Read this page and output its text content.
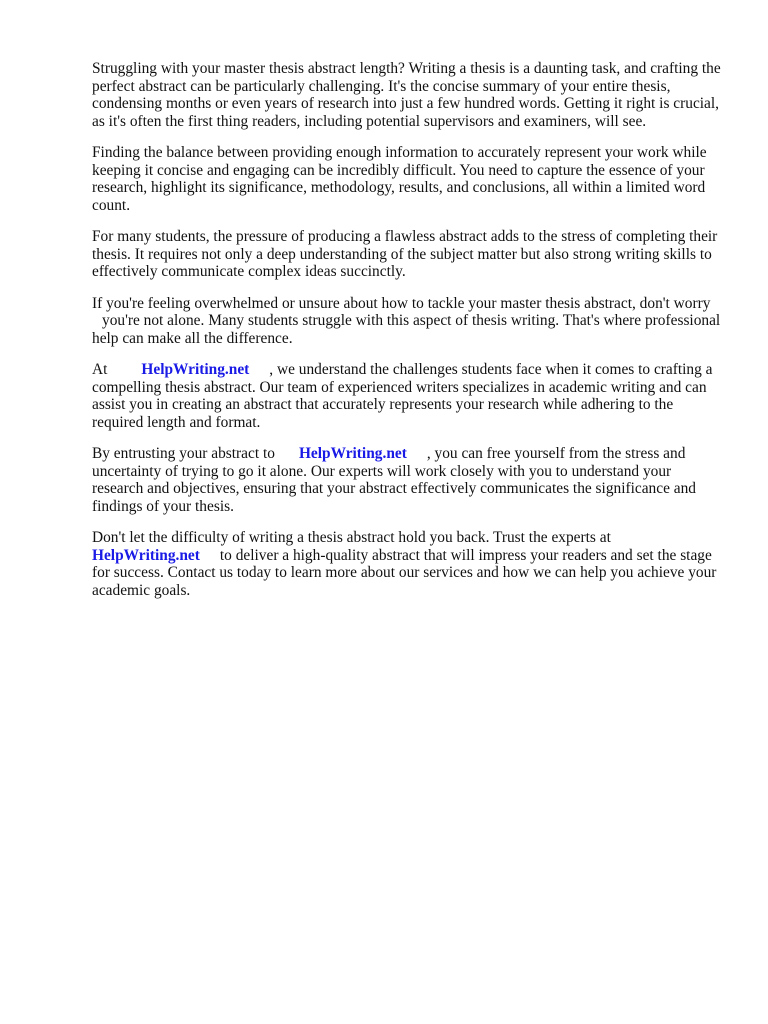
Struggling with your master thesis abstract length? Writing a thesis is a daunting task, and crafting the perfect abstract can be particularly challenging. It's the concise summary of your entire thesis, condensing months or even years of research into just a few hundred words. Getting it right is crucial, as it's often the first thing readers, including potential supervisors and examiners, will see.

Finding the balance between providing enough information to accurately represent your work while keeping it concise and engaging can be incredibly difficult. You need to capture the essence of your research, highlight its significance, methodology, results, and conclusions, all within a limited word count.

For many students, the pressure of producing a flawless abstract adds to the stress of completing their thesis. It requires not only a deep understanding of the subject matter but also strong writing skills to effectively communicate complex ideas succinctly.

If you're feeling overwhelmed or unsure about how to tackle your master thesis abstract, don't worry
you're not alone. Many students struggle with this aspect of thesis writing. That's where professional help can make all the difference.

At HelpWriting.net , we understand the challenges students face when it comes to crafting a compelling thesis abstract. Our team of experienced writers specializes in academic writing and can assist you in creating an abstract that accurately represents your research while adhering to the required length and format.

By entrusting your abstract to HelpWriting.net , you can free yourself from the stress and uncertainty of trying to go it alone. Our experts will work closely with you to understand your research and objectives, ensuring that your abstract effectively communicates the significance and findings of your thesis.

Don't let the difficulty of writing a thesis abstract hold you back. Trust the experts at
HelpWriting.net to deliver a high-quality abstract that will impress your readers and set the stage for success. Contact us today to learn more about our services and how we can help you achieve your academic goals.
